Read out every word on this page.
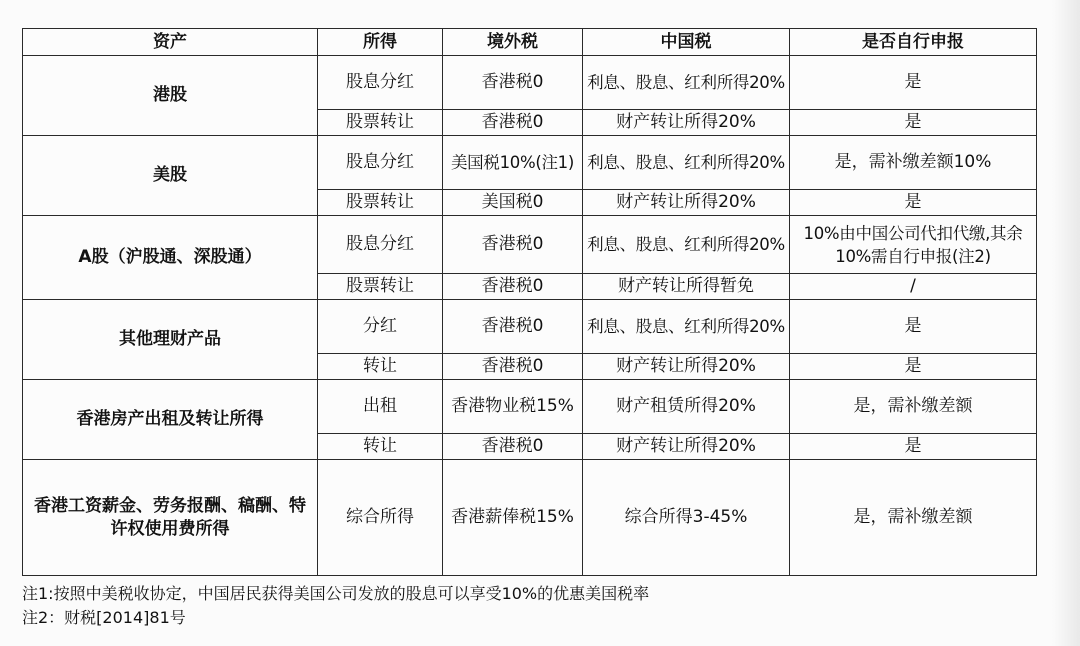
资产	所得	境外税	中国税	是否自行申报
港股	股息分红	香港税0	利息、股息、红利所得20%	是
	股票转让	香港税0	财产转让所得20%	是
美股	股息分红	美国税10%(注1)	利息、股息、红利所得20%	是，需补缴差额10%
	股票转让	美国税0	财产转让所得20%	是
A股（沪股通、深股通）	股息分红	香港税0	利息、股息、红利所得20%	10%由中国公司代扣代缴,其余10%需自行申报(注2)
	股票转让	香港税0	财产转让所得暂免	/
其他理财产品	分红	香港税0	利息、股息、红利所得20%	是
	转让	香港税0	财产转让所得20%	是
香港房产出租及转让所得	出租	香港物业税15%	财产租赁所得20%	是，需补缴差额
	转让	香港税0	财产转让所得20%	是
香港工资薪金、劳务报酬、稿酬、特许权使用费所得	综合所得	香港薪俸税15%	综合所得3-45%	是，需补缴差额
注1:按照中美税收协定，中国居民获得美国公司发放的股息可以享受10%的优惠美国税率
注2：财税[2014]81号
